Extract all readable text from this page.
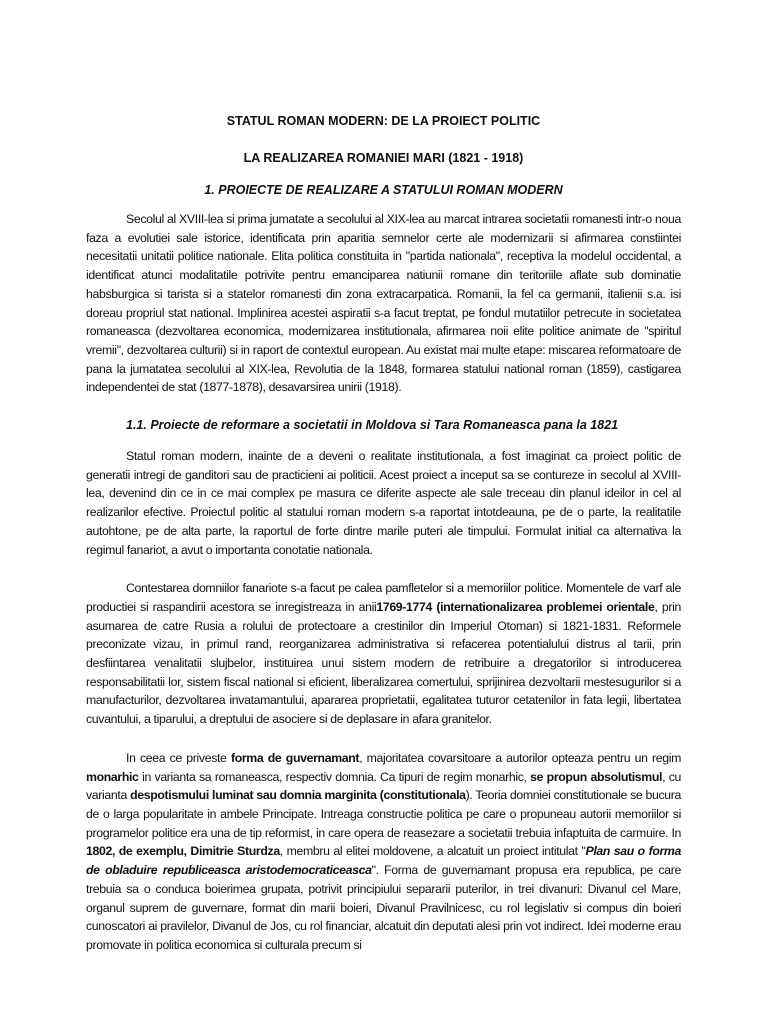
STATUL ROMAN MODERN: DE LA PROIECT POLITIC
LA REALIZAREA ROMANIEI MARI (1821 - 1918)
1. PROIECTE DE REALIZARE A STATULUI ROMAN MODERN

Secolul al XVIII-lea si prima jumatate a secolului al XIX-lea au marcat intrarea societatii romanesti intr-o noua faza a evolutiei sale istorice, identificata prin aparitia semnelor certe ale modernizarii si afirmarea constiintei necesitatii unitatii politice nationale. Elita politica constituita in "partida nationala", receptiva la modelul occidental, a identificat atunci modalitatile potrivite pentru emanciparea natiunii romane din teritoriile aflate sub dominatie habsburgica si tarista si a statelor romanesti din zona extracarpatica. Romanii, la fel ca germanii, italienii s.a. isi doreau propriul stat national. Implinirea acestei aspiratii s-a facut treptat, pe fondul mutatiilor petrecute in societatea romaneasca (dezvoltarea economica, modernizarea institutionala, afirmarea noii elite politice animate de "spiritul vremii", dezvoltarea culturii) si in raport de contextul european. Au existat mai multe etape: miscarea reformatoare de pana la jumatatea secolului al XIX-lea, Revolutia de la 1848, formarea statului national roman (1859), castigarea independentei de stat (1877-1878), desavarsirea unirii (1918).

1.1. Proiecte de reformare a societatii in Moldova si Tara Romaneasca pana la 1821

Statul roman modern, inainte de a deveni o realitate institutionala, a fost imaginat ca proiect politic de generatii intregi de ganditori sau de practicieni ai politicii. Acest proiect a inceput sa se contureze in secolul al XVIII-lea, devenind din ce in ce mai complex pe masura ce diferite aspecte ale sale treceau din planul ideilor in cel al realizarilor efective. Proiectul politic al statului roman modern s-a raportat intotdeauna, pe de o parte, la realitatile autohtone, pe de alta parte, la raportul de forte dintre marile puteri ale timpului. Formulat initial ca alternativa la regimul fanariot, a avut o importanta conotatie nationala.

Contestarea domniilor fanariote s-a facut pe calea pamfletelor si a memoriilor politice. Momentele de varf ale productiei si raspandirii acestora se inregistreaza in anii1769-1774 (internationalizarea problemei orientale, prin asumarea de catre Rusia a rolului de protectoare a crestinilor din Imperiul Otoman) si 1821-1831. Reformele preconizate vizau, in primul rand, reorganizarea administrativa si refacerea potentialului distrus al tarii, prin desfiintarea venalitatii slujbelor, instituirea unui sistem modern de retribuire a dregatorilor si introducerea responsabilitatii lor, sistem fiscal national si eficient, liberalizarea comertului, sprijinirea dezvoltarii mestesugurilor si a manufacturilor, dezvoltarea invatamantului, apararea proprietatii, egalitatea tuturor cetatenilor in fata legii, libertatea cuvantului, a tiparului, a dreptului de asociere si de deplasare in afara granitelor.

In ceea ce priveste forma de guvernamant, majoritatea covarsitoare a autorilor opteaza pentru un regim monarhic in varianta sa romaneasca, respectiv domnia. Ca tipuri de regim monarhic, se propun absolutismul, cu varianta despotismului luminat sau domnia marginita (constitutionala). Teoria domniei constitutionale se bucura de o larga popularitate in ambele Principate. Intreaga constructie politica pe care o propuneau autorii memoriilor si programelor politice era una de tip reformist, in care opera de reasezare a societatii trebuia infaptuita de carmuire. In 1802, de exemplu, Dimitrie Sturdza, membru al elitei moldovene, a alcatuit un proiect intitulat "Plan sau o forma de obladuire republiceasca aristodemocraticeasca". Forma de guvernamant propusa era republica, pe care trebuia sa o conduca boierimea grupata, potrivit principiului separarii puterilor, in trei divanuri: Divanul cel Mare, organul suprem de guvernare, format din marii boieri, Divanul Pravilnicesc, cu rol legislativ si compus din boieri cunoscatori ai pravilelor, Divanul de Jos, cu rol financiar, alcatuit din deputati alesi prin vot indirect. Idei moderne erau promovate in politica economica si culturala precum si
